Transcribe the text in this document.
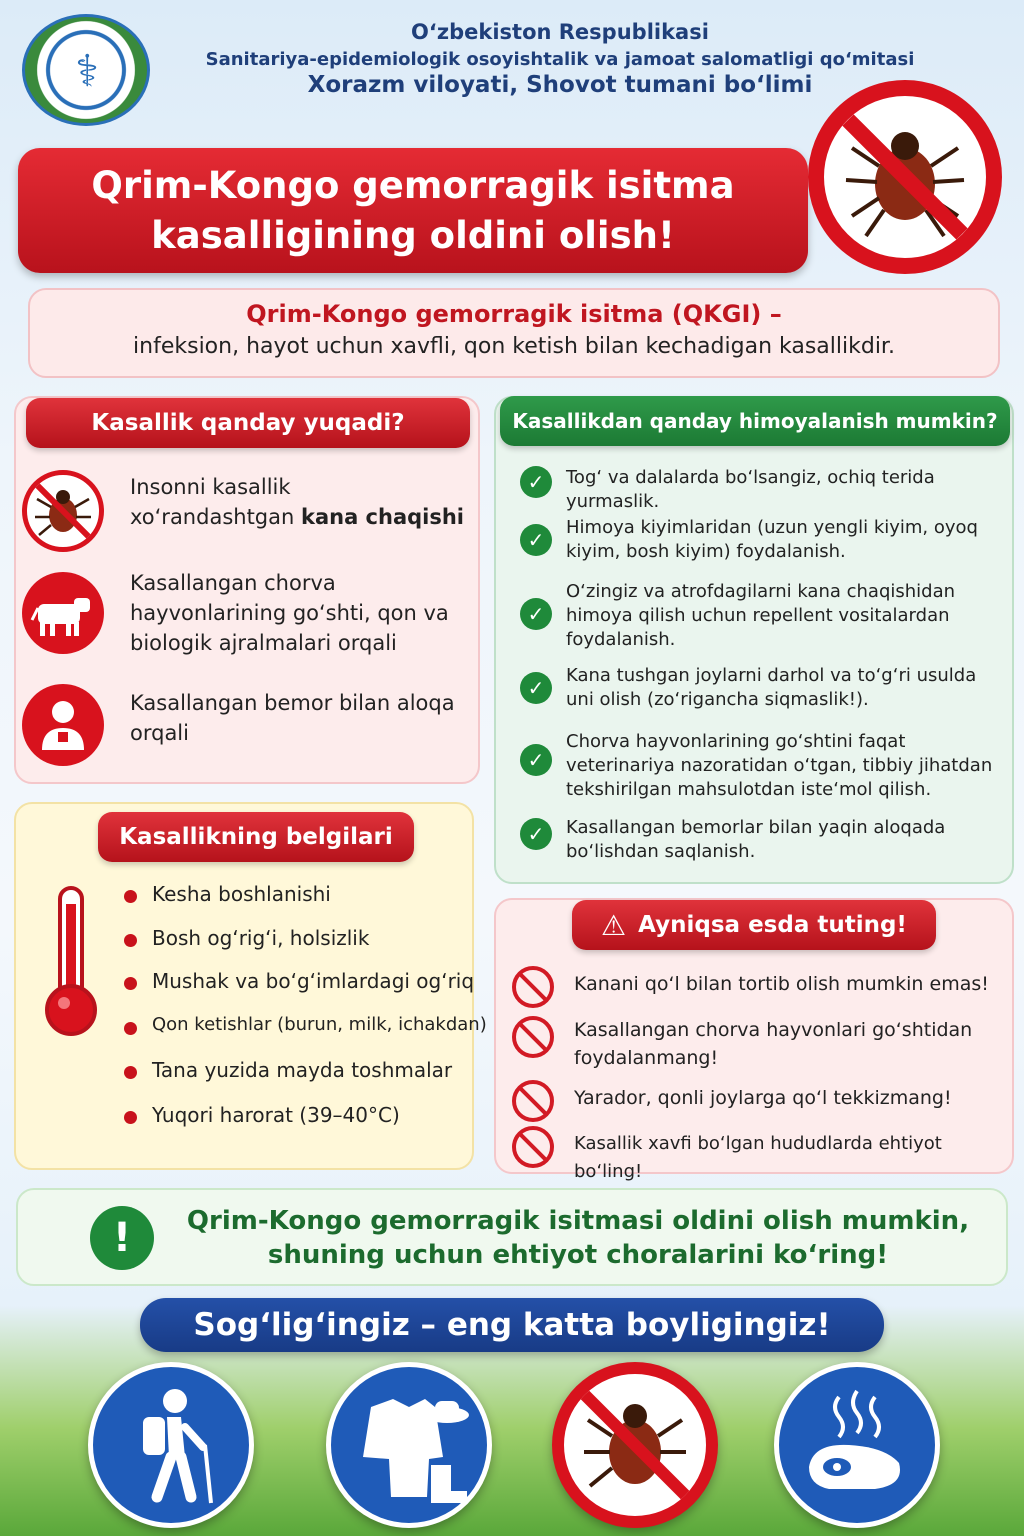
⚕
O‘zbekiston Respublikasi
Sanitariya-epidemiologik osoyishtalik va jamoat salomatligi qo‘mitasi
Xorazm viloyati, Shovot tumani bo‘limi
Qrim-Kongo gemorragik isitma
kasalligining oldini olish!
Qrim-Kongo gemorragik isitma (QKGI) –
infeksion, hayot uchun xavfli, qon ketish bilan kechadigan kasallikdir.
Kasallik qanday yuqadi?
Insonni kasallik
xo‘randashtgan kana chaqishi
Kasallangan chorva hayvonlarining go‘shti, qon va biologik ajralmalari orqali
Kasallangan bemor bilan aloqa orqali
Kasallikdan qanday himoyalanish mumkin?
✓	Tog‘ va dalalarda bo‘lsangiz, ochiq terida yurmaslik.
✓
Himoya kiyimlaridan (uzun yengli kiyim, oyoq kiyim, bosh kiyim) foydalanish.
✓
O‘zingiz va atrofdagilarni kana chaqishidan himoya qilish uchun repellent vositalardan foydalanish.
✓
Kana tushgan joylarni darhol va to‘g‘ri usulda uni olish (zo‘riganch​a siqmaslik!).
✓
Chorva hayvonlarining go‘shtini faqat veterinariya nazoratidan o‘tgan, tibbiy jihatdan tekshirilgan mahsulotdan iste‘mol qilish.
✓	Kasallangan bemorlar bilan yaqin aloqada bo‘lishdan saqlanish.
Kasallikning belgilari
Kesha boshlanishi
Bosh og‘rig‘i, holsizlik
Mushak va bo‘g‘imlardagi og‘riq
Qon ketishlar (burun, milk, ichakdan)
Tana yuzida mayda toshmalar
Yuqori harorat (39–40°C)
⚠ Ayniqsa esda tuting!
Kanani qo‘l bilan tortib olish mumkin emas!
Kasallangan chorva hayvonlari go‘shtidan foydalanmang!
Yarador, qonli joylarga qo‘l tekkizmang!
Kasallik xavfi bo‘lgan hududlarda ehtiyot bo‘ling!
!	Qrim-Kongo gemorragik isitmasi oldini olish mumkin,
shuning uchun ehtiyot choralarini ko‘ring!
Sog‘lig‘ingiz – eng katta boyligingiz!
